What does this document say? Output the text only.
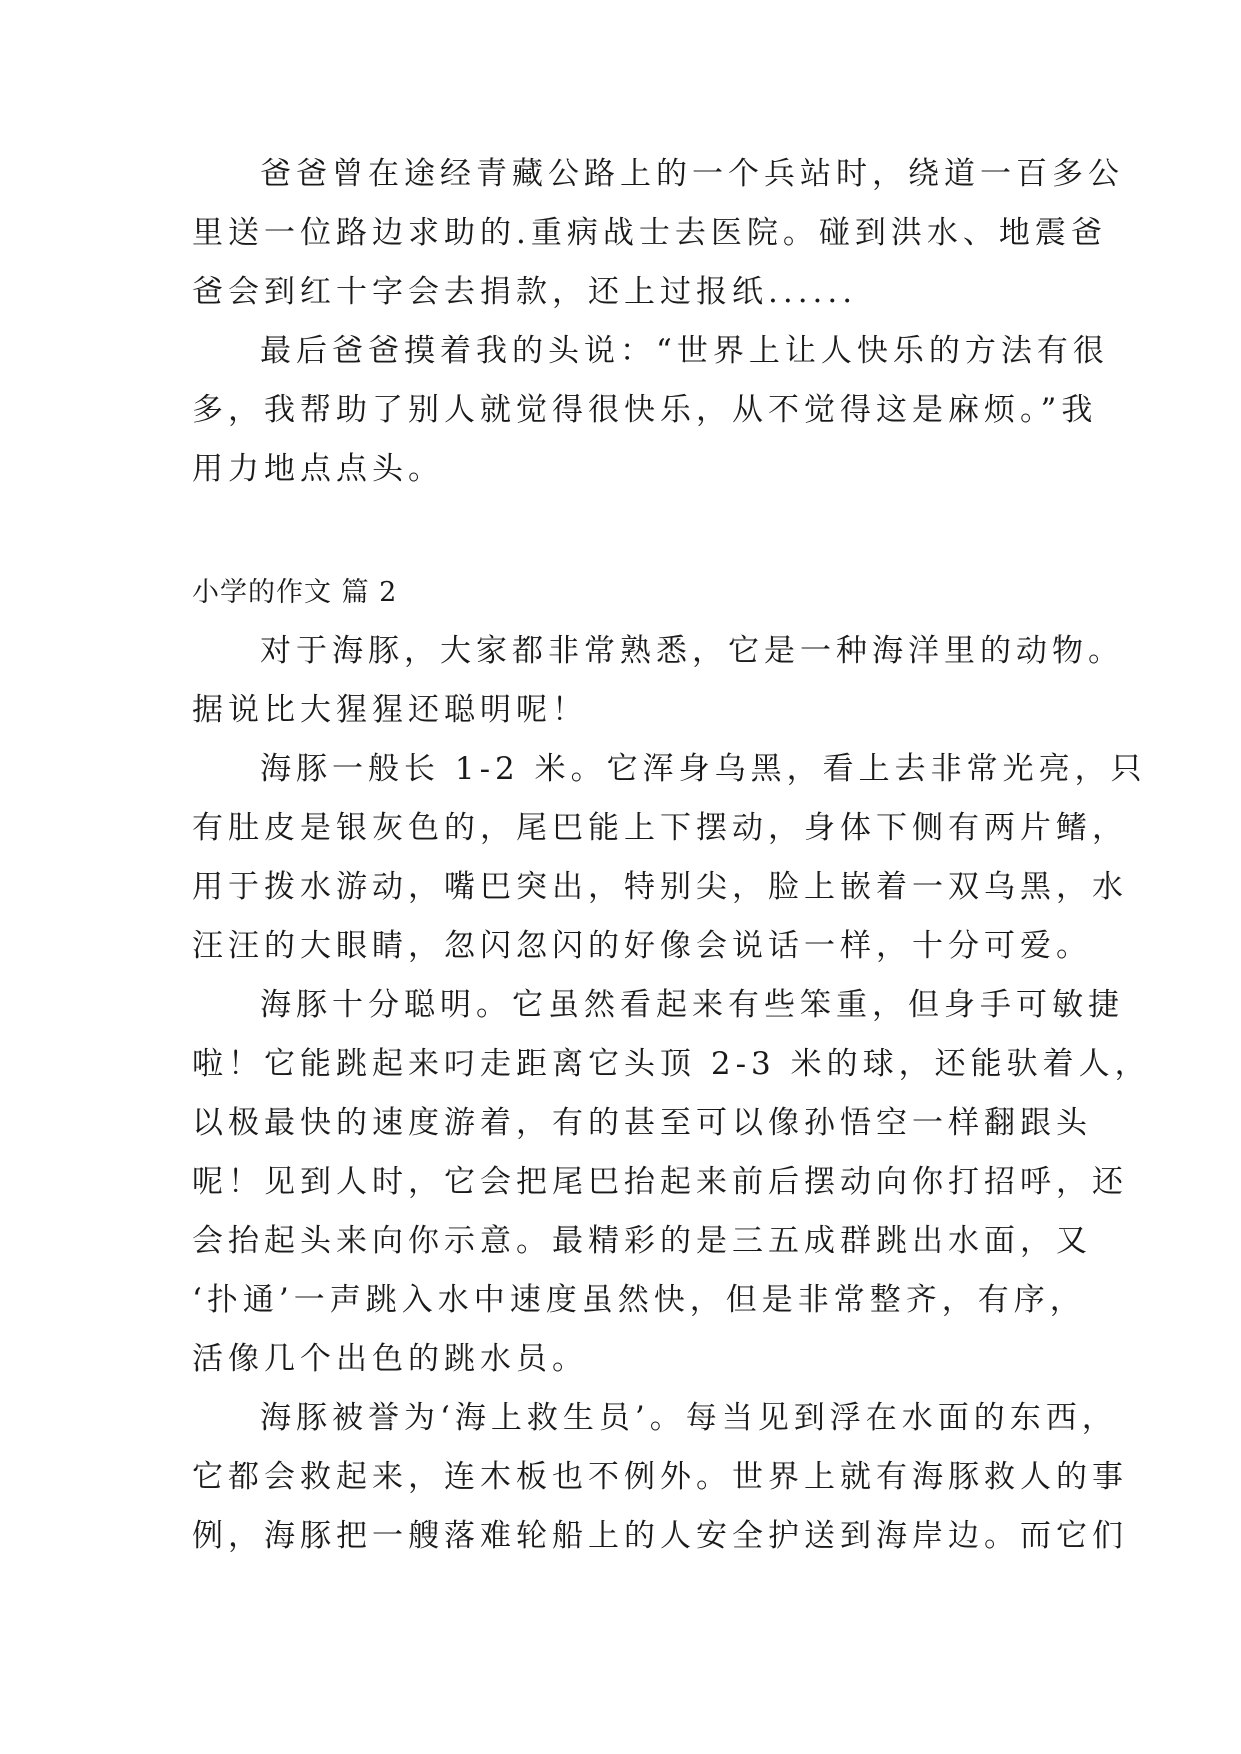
爸爸曾在途经青藏公路上的一个兵站时，绕道一百多公
里送一位路边求助的.重病战士去医院。碰到洪水、地震爸
爸会到红十字会去捐款，还上过报纸......
最后爸爸摸着我的头说：“世界上让人快乐的方法有很
多，我帮助了别人就觉得很快乐，从不觉得这是麻烦。”我
用力地点点头。
小学的作文 篇 2
对于海豚，大家都非常熟悉，它是一种海洋里的动物。
据说比大猩猩还聪明呢！
海豚一般长 1-2 米。它浑身乌黑，看上去非常光亮，只
有肚皮是银灰色的，尾巴能上下摆动，身体下侧有两片鳍，
用于拨水游动，嘴巴突出，特别尖，脸上嵌着一双乌黑，水
汪汪的大眼睛，忽闪忽闪的好像会说话一样，十分可爱。
海豚十分聪明。它虽然看起来有些笨重，但身手可敏捷
啦！它能跳起来叼走距离它头顶 2-3 米的球，还能驮着人，
以极最快的速度游着，有的甚至可以像孙悟空一样翻跟头
呢！见到人时，它会把尾巴抬起来前后摆动向你打招呼，还
会抬起头来向你示意。最精彩的是三五成群跳出水面，又
‘扑通’一声跳入水中速度虽然快，但是非常整齐，有序，
活像几个出色的跳水员。
海豚被誉为‘海上救生员’。每当见到浮在水面的东西，
它都会救起来，连木板也不例外。世界上就有海豚救人的事
例，海豚把一艘落难轮船上的人安全护送到海岸边。而它们
